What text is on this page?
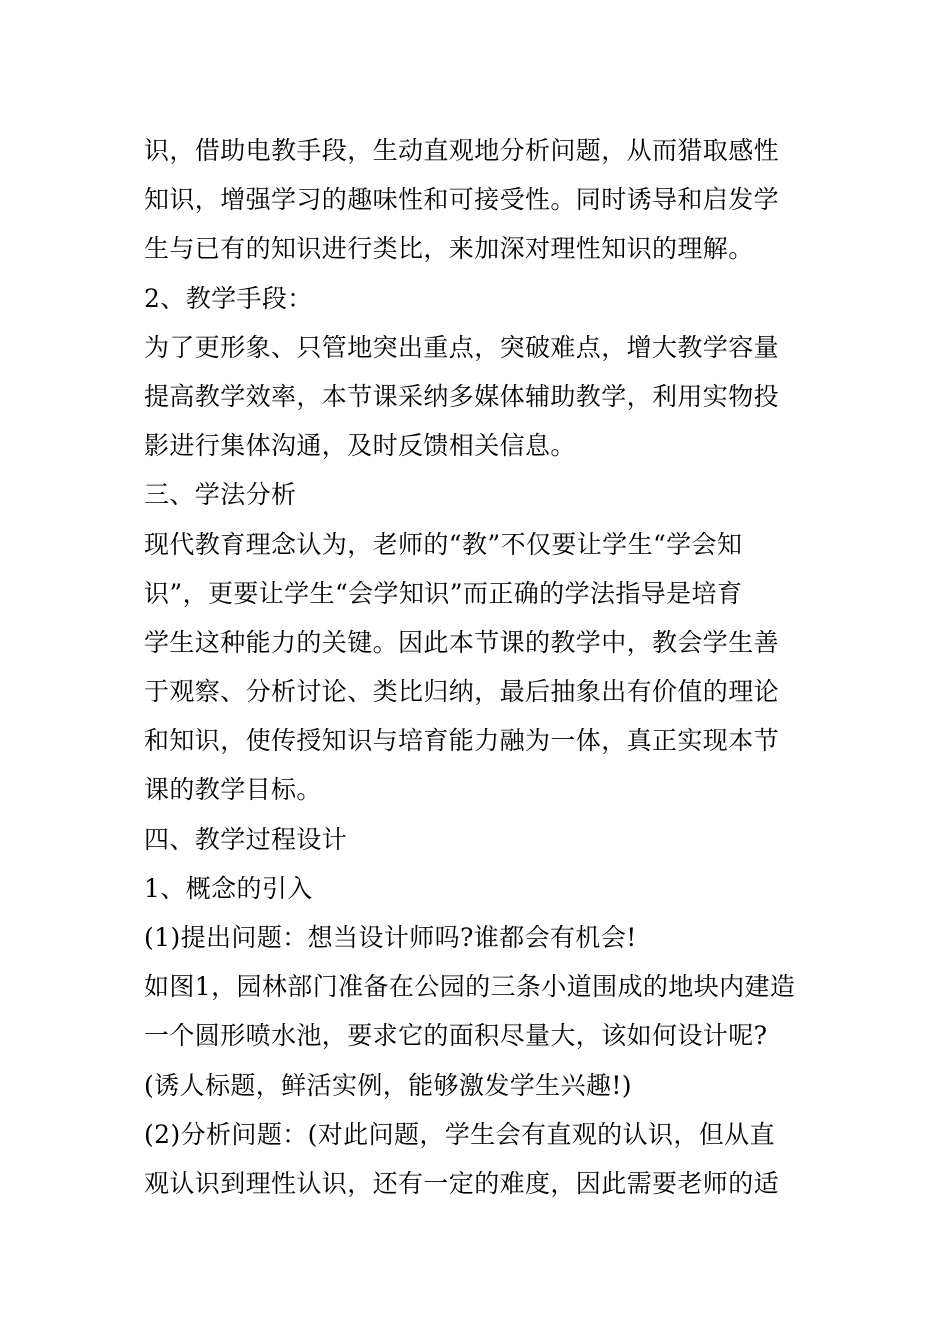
识，借助电教手段，生动直观地分析问题，从而猎取感性
知识，增强学习的趣味性和可接受性。同时诱导和启发学
生与已有的知识进行类比，来加深对理性知识的理解。
2、教学手段：
为了更形象、只管地突出重点，突破难点，增大教学容量
提高教学效率，本节课采纳多媒体辅助教学，利用实物投
影进行集体沟通，及时反馈相关信息。
三、学法分析
现代教育理念认为，老师的“教”不仅要让学生“学会知
识”，更要让学生“会学知识”而正确的学法指导是培育
学生这种能力的关键。因此本节课的教学中，教会学生善
于观察、分析讨论、类比归纳，最后抽象出有价值的理论
和知识，使传授知识与培育能力融为一体，真正实现本节
课的教学目标。
四、教学过程设计
1、概念的引入
(1)提出问题：想当设计师吗?谁都会有机会!
如图1，园林部门准备在公园的三条小道围成的地块内建造
一个圆形喷水池，要求它的面积尽量大，该如何设计呢?
(诱人标题，鲜活实例，能够激发学生兴趣!)
(2)分析问题：(对此问题，学生会有直观的认识，但从直
观认识到理性认识，还有一定的难度，因此需要老师的适
